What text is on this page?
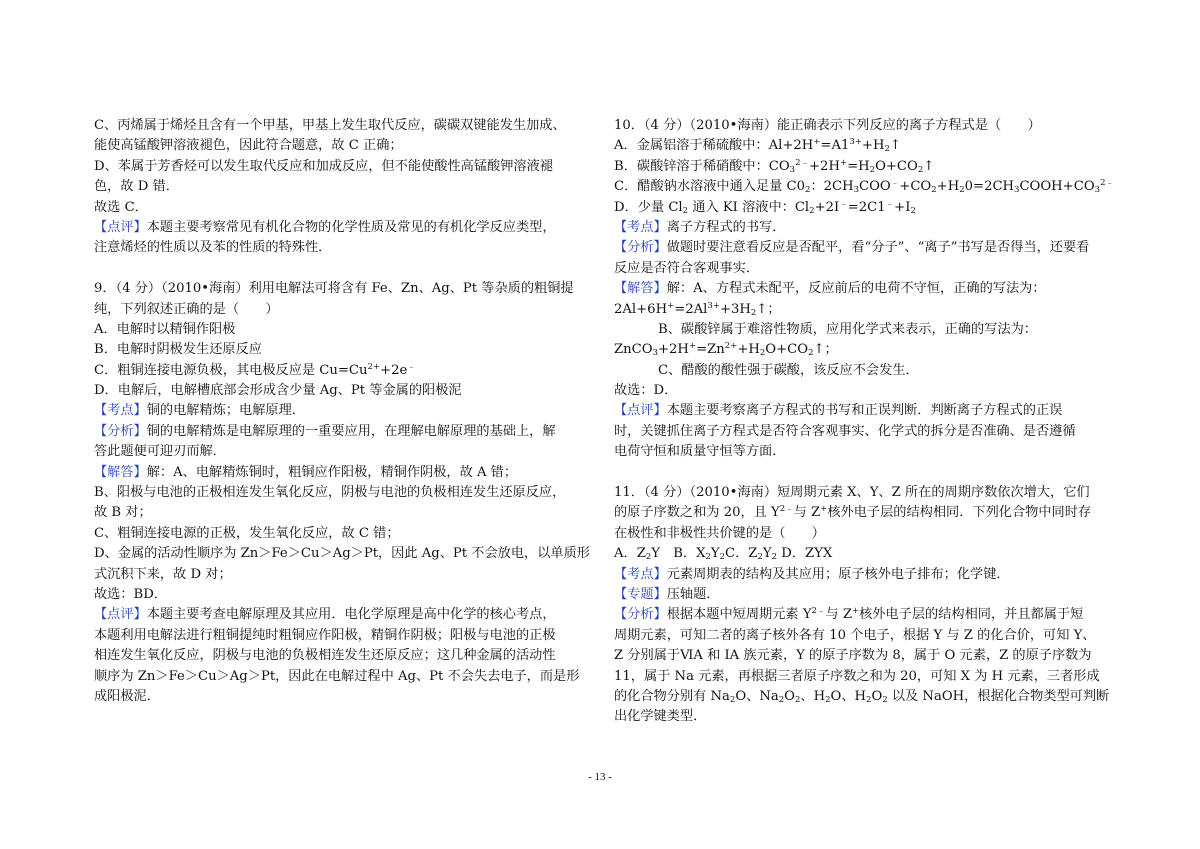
C、丙烯属于烯烃且含有一个甲基，甲基上发生取代反应，碳碳双键能发生加成、
能使高锰酸钾溶液褪色，因此符合题意，故 C 正确；
D、苯属于芳香烃可以发生取代反应和加成反应，但不能使酸性高锰酸钾溶液褪
色，故 D 错．
故选 C．
【点评】本题主要考察常见有机化合物的化学性质及常见的有机化学反应类型，
注意烯烃的性质以及苯的性质的特殊性．
9．（4 分）（2010•海南）利用电解法可将含有 Fe、Zn、Ag、Pt 等杂质的粗铜提
纯，下列叙述正确的是（　　）
A．电解时以精铜作阳极
B．电解时阴极发生还原反应
C．粗铜连接电源负极，其电极反应是 $Cu=Cu^{2+}+2e^﹣$
D．电解后，电解槽底部会形成含少量 Ag、Pt 等金属的阳极泥
【考点】铜的电解精炼；电解原理．
【分析】铜的电解精炼是电解原理的一重要应用，在理解电解原理的基础上，解
答此题便可迎刃而解．
【解答】解：A、电解精炼铜时，粗铜应作阳极，精铜作阴极，故 A 错；
B、阳极与电池的正极相连发生氧化反应，阴极与电池的负极相连发生还原反应，
故 B 对；
C、粗铜连接电源的正极，发生氧化反应，故 C 错；
D、金属的活动性顺序为 Zn＞Fe＞Cu＞Ag＞Pt，因此 Ag、Pt 不会放电，以单质形
式沉积下来，故 D 对；
故选：BD．
【点评】本题主要考查电解原理及其应用．电化学原理是高中化学的核心考点，
本题利用电解法进行粗铜提纯时粗铜应作阳极，精铜作阴极；阳极与电池的正极
相连发生氧化反应，阴极与电池的负极相连发生还原反应；这几种金属的活动性
顺序为 Zn＞Fe＞Cu＞Ag＞Pt，因此在电解过程中 Ag、Pt 不会失去电子，而是形
成阳极泥．
10．（4 分）（2010•海南）能正确表示下列反应的离子方程式是（　　）
A．金属铝溶于稀硫酸中：$Al+2H^+=A1^{3+}+H_2↑$
B．碳酸锌溶于稀硝酸中：$CO_3^{2﹣}+2H^+=H_2O+CO_2↑$
C．醋酸钠水溶液中通入足量 $C0_2$：$2CH_3COO^﹣+CO_2+H_20=2CH_3COOH+CO_3^{2﹣}$
D．少量 $Cl_2$ 通入 KI 溶液中：$Cl_2+2I^﹣=2C1^﹣+I_2$
【考点】离子方程式的书写．
【分析】做题时要注意看反应是否配平，看“分子”、“离子”书写是否得当，还要看
反应是否符合客观事实．
【解答】解：A、方程式未配平，反应前后的电荷不守恒，正确的写法为：
$2Al+6H^+=2Al^{3+}+3H_2↑$；
B、碳酸锌属于难溶性物质，应用化学式来表示，正确的写法为：
$ZnCO_3+2H^+=Zn^{2+}+H_2O+CO_2↑$；
C、醋酸的酸性强于碳酸，该反应不会发生．
故选：D．
【点评】本题主要考察离子方程式的书写和正误判断．判断离子方程式的正误
时，关键抓住离子方程式是否符合客观事实、化学式的拆分是否准确、是否遵循
电荷守恒和质量守恒等方面．
11．（4 分）（2010•海南）短周期元素 X、Y、Z 所在的周期序数依次增大，它们
的原子序数之和为 20，且 $Y^{2﹣}$与 Z+核外电子层的结构相同．下列化合物中同时存
在极性和非极性共价键的是（　　）
A．$Z_2Y$　B．$X_2Y_2C$．$Z_2Y_2$ D．ZYX
【考点】元素周期表的结构及其应用；原子核外电子排布；化学键．
【专题】压轴题．
【分析】根据本题中短周期元素 $Y^{2﹣}$与 Z+核外电子层的结构相同，并且都属于短
周期元素，可知二者的离子核外各有 10 个电子，根据 Y 与 Z 的化合价，可知 Y、
Z 分别属于ⅥA 和 IA 族元素，Y 的原子序数为 8，属于 O 元素，Z 的原子序数为
11，属于 Na 元素，再根据三者原子序数之和为 20，可知 X 为 H 元素，三者形成
的化合物分别有 $Na_2O$、$Na_2O_2$、$H_2O$、$H_2O_2$ 以及 NaOH，根据化合物类型可判断
出化学键类型．
- 13 -
